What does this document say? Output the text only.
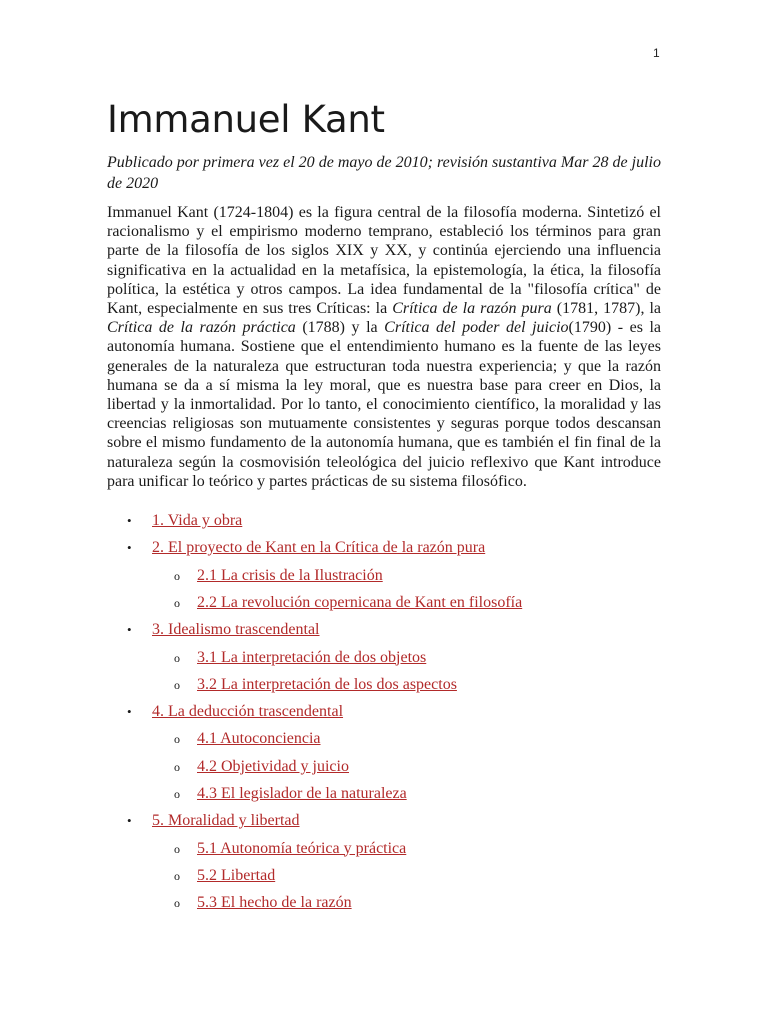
1
Immanuel Kant

Publicado por primera vez el 20 de mayo de 2010; revisión sustantiva Mar 28 de julio de 2020

Immanuel Kant (1724-1804) es la figura central de la filosofía moderna. Sintetizó el racionalismo y el empirismo moderno temprano, estableció los términos para gran parte de la filosofía de los siglos XIX y XX, y continúa ejerciendo una influencia significativa en la actualidad en la metafísica, la epistemología, la ética, la filosofía política, la estética y otros campos. La idea fundamental de la "filosofía crítica" de Kant, especialmente en sus tres Críticas: la Crítica de la razón pura (1781, 1787), la Crítica de la razón práctica (1788) y la Crítica del poder del juicio(1790) - es la autonomía humana. Sostiene que el entendimiento humano es la fuente de las leyes generales de la naturaleza que estructuran toda nuestra experiencia; y que la razón humana se da a sí misma la ley moral, que es nuestra base para creer en Dios, la libertad y la inmortalidad. Por lo tanto, el conocimiento científico, la moralidad y las creencias religiosas son mutuamente consistentes y seguras porque todos descansan sobre el mismo fundamento de la autonomía humana, que es también el fin final de la naturaleza según la cosmovisión teleológica del juicio reflexivo que Kant introduce para unificar lo teórico y partes prácticas de su sistema filosófico.

• 1. Vida y obra
• 2. El proyecto de Kant en la Crítica de la razón pura
o 2.1 La crisis de la Ilustración
o 2.2 La revolución copernicana de Kant en filosofía
• 3. Idealismo trascendental
o 3.1 La interpretación de dos objetos
o 3.2 La interpretación de los dos aspectos
• 4. La deducción trascendental
o 4.1 Autoconciencia
o 4.2 Objetividad y juicio
o 4.3 El legislador de la naturaleza
• 5. Moralidad y libertad
o 5.1 Autonomía teórica y práctica
o 5.2 Libertad
o 5.3 El hecho de la razón
